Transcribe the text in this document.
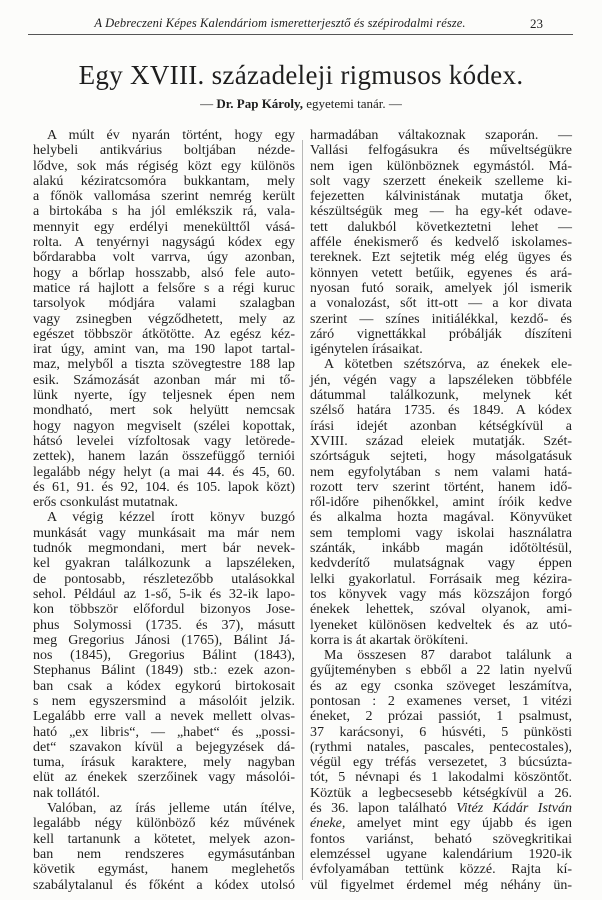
A Debreczeni Képes Kalendáriom ismeretterjesztő és szépirodalmi része.	23
Egy XVIII. századeleji rigmusos kódex.
— Dr. Pap Károly, egyetemi tanár. —
A múlt év nyarán történt, hogy egy
helybeli antikvárius boltjában nézde-
lődve, sok más régiség közt egy különös
alakú kéziratcsomóra bukkantam, mely
a főnök vallomása szerint nemrég került
a birtokába s ha jól emlékszik rá, vala-
mennyit egy erdélyi menekülttől vásá-
rolta. A tenyérnyi nagyságú kódex egy
bőrdarabba volt varrva, úgy azonban,
hogy a bőrlap hosszabb, alsó fele auto-
matice rá hajlott a felsőre s a régi kuruc
tarsolyok módjára valami szalagban
vagy zsinegben végződhetett, mely az
egészet többször átkötötte. Az egész kéz-
irat úgy, amint van, ma 190 lapot tartal-
maz, melyből a tiszta szövegtestre 188 lap
esik. Számozását azonban már mi tő-
lünk nyerte, így teljesnek épen nem
mondható, mert sok helyütt nemcsak
hogy nagyon megviselt (szélei kopottak,
hátsó levelei vízfoltosak vagy letörede-
zettek), hanem lazán összefüggő terniói
legalább négy helyt (a mai 44. és 45, 60.
és 61, 91. és 92, 104. és 105. lapok közt)
erős csonkulást mutatnak.
A végig kézzel írott könyv buzgó
munkását vagy munkásait ma már nem
tudnók megmondani, mert bár nevek-
kel gyakran találkozunk a lapszéleken,
de pontosabb, részletezőbb utalásokkal
sehol. Például az 1-ső, 5-ik és 32-ik lapo-
kon többször előfordul bizonyos Jose-
phus Solymossi (1735. és 37), másutt
meg Gregorius Jánosi (1765), Bálint Já-
nos (1845), Gregorius Bálint (1843),
Stephanus Bálint (1849) stb.: ezek azon-
ban csak a kódex egykorú birtokosait
s nem egyszersmind a másolóit jelzik.
Legalább erre vall a nevek mellett olvas-
ható „ex libris“, — „habet“ és „possi-
det“ szavakon kívül a bejegyzések dá-
tuma, írásuk karaktere, mely nagyban
elüt az énekek szerzőinek vagy másolói-
nak tollától.
Valóban, az írás jelleme után ítélve,
legalább négy különböző kéz művének
kell tartanunk a kötetet, melyek azon-
ban nem rendszeres egymásutánban
követik egymást, hanem meglehetős
szabálytalanul és főként a kódex utolsó
harmadában váltakoznak szaporán. —
Vallási felfogásukra és műveltségükre
nem igen különböznek egymástól. Má-
solt vagy szerzett énekeik szelleme ki-
fejezetten kálvinistának mutatja őket,
készültségük meg — ha egy-két odave-
tett dalukból következtetni lehet —
afféle énekismerő és kedvelő iskolames-
tereknek. Ezt sejtetik még elég ügyes és
könnyen vetett betűik, egyenes és ará-
nyosan futó soraik, amelyek jól ismerik
a vonalozást, sőt itt-ott — a kor divata
szerint — színes initiálékkal, kezdő- és
záró vignettákkal próbálják díszíteni
igénytelen írásaikat.
A kötetben szétszórva, az énekek ele-
jén, végén vagy a lapszéleken többféle
dátummal találkozunk, melynek két
szélső határa 1735. és 1849. A kódex
írási idejét azonban kétségkívül a
XVIII. század eleiek mutatják. Szét-
szórtságuk sejteti, hogy másolgatásuk
nem egyfolytában s nem valami hatá-
rozott terv szerint történt, hanem idő-
ről-időre pihenőkkel, amint íróik kedve
és alkalma hozta magával. Könyvüket
sem templomi vagy iskolai használatra
szánták, inkább magán időtöltésül,
kedvderítő mulatságnak vagy éppen
lelki gyakorlatul. Forrásaik meg kézira-
tos könyvek vagy más közszájon forgó
énekek lehettek, szóval olyanok, ami-
lyeneket különösen kedveltek és az utó-
korra is át akartak örökíteni.
Ma összesen 87 darabot találunk a
gyűjteményben s ebből a 22 latin nyelvű
és az egy csonka szöveget leszámítva,
pontosan : 2 examenes verset, 1 vitézi
éneket, 2 prózai passiót, 1 psalmust,
37 karácsonyi, 6 húsvéti, 5 pünkösti
(rythmi natales, pascales, pentecostales),
végül egy tréfás versezetet, 3 búcsúzta-
tót, 5 névnapi és 1 lakodalmi köszöntőt.
Köztük a legbecsesebb kétségkívül a 26.
és 36. lapon található Vitéz Kádár István
éneke, amelyet mint egy újabb és igen
fontos variánst, beható szövegkritikai
elemzéssel ugyane kalendárium 1920-ik
évfolyamában tettünk közzé. Rajta kí-
vül figyelmet érdemel még néhány ün-
